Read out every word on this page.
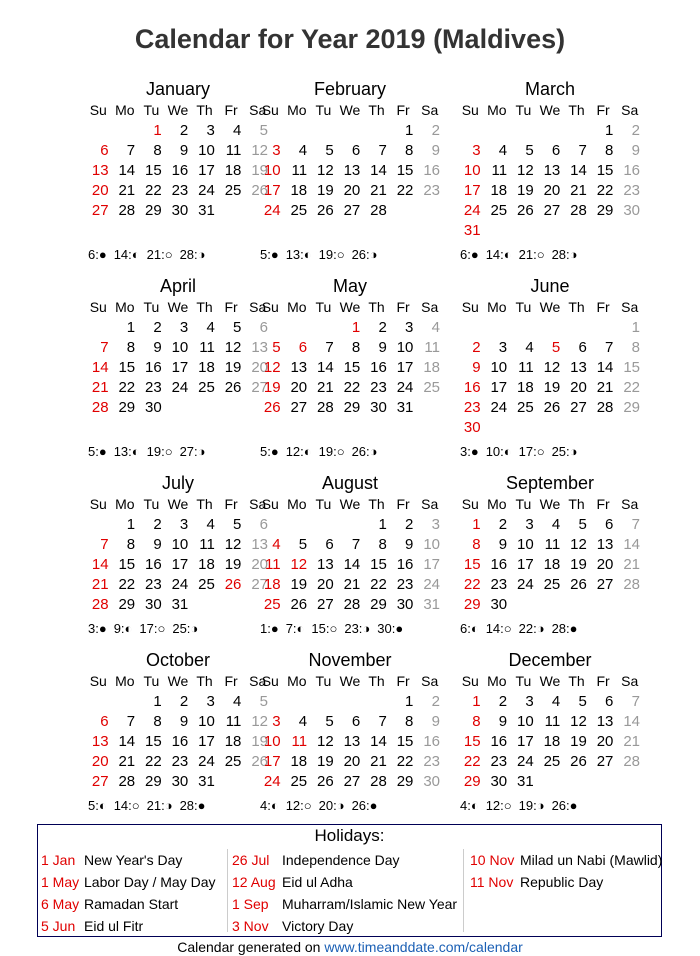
Calendar for Year 2019 (Maldives)
January
Su	Mo	Tu	We	Th	Fr	Sa
		1	2	3	4	5
6	7	8	9	10	11	12
13	14	15	16	17	18	19
20	21	22	23	24	25	26
27	28	29	30	31		
6:● 14:◐ 21:○ 28:◑
February
Su	Mo	Tu	We	Th	Fr	Sa
					1	2
3	4	5	6	7	8	9
10	11	12	13	14	15	16
17	18	19	20	21	22	23
24	25	26	27	28		
5:● 13:◐ 19:○ 26:◑
March
Su	Mo	Tu	We	Th	Fr	Sa
					1	2
3	4	5	6	7	8	9
10	11	12	13	14	15	16
17	18	19	20	21	22	23
24	25	26	27	28	29	30
31						
6:● 14:◐ 21:○ 28:◑
April
Su	Mo	Tu	We	Th	Fr	Sa
	1	2	3	4	5	6
7	8	9	10	11	12	13
14	15	16	17	18	19	20
21	22	23	24	25	26	27
28	29	30				
5:● 13:◐ 19:○ 27:◑
May
Su	Mo	Tu	We	Th	Fr	Sa
			1	2	3	4
5	6	7	8	9	10	11
12	13	14	15	16	17	18
19	20	21	22	23	24	25
26	27	28	29	30	31	
5:● 12:◐ 19:○ 26:◑
June
Su	Mo	Tu	We	Th	Fr	Sa
						1
2	3	4	5	6	7	8
9	10	11	12	13	14	15
16	17	18	19	20	21	22
23	24	25	26	27	28	29
30						
3:● 10:◐ 17:○ 25:◑
July
Su	Mo	Tu	We	Th	Fr	Sa
	1	2	3	4	5	6
7	8	9	10	11	12	13
14	15	16	17	18	19	20
21	22	23	24	25	26	27
28	29	30	31			
3:● 9:◐ 17:○ 25:◑
August
Su	Mo	Tu	We	Th	Fr	Sa
				1	2	3
4	5	6	7	8	9	10
11	12	13	14	15	16	17
18	19	20	21	22	23	24
25	26	27	28	29	30	31
1:● 7:◐ 15:○ 23:◑ 30:●
September
Su	Mo	Tu	We	Th	Fr	Sa
1	2	3	4	5	6	7
8	9	10	11	12	13	14
15	16	17	18	19	20	21
22	23	24	25	26	27	28
29	30					
6:◐ 14:○ 22:◑ 28:●
October
Su	Mo	Tu	We	Th	Fr	Sa
		1	2	3	4	5
6	7	8	9	10	11	12
13	14	15	16	17	18	19
20	21	22	23	24	25	26
27	28	29	30	31		
5:◐ 14:○ 21:◑ 28:●
November
Su	Mo	Tu	We	Th	Fr	Sa
					1	2
3	4	5	6	7	8	9
10	11	12	13	14	15	16
17	18	19	20	21	22	23
24	25	26	27	28	29	30
4:◐ 12:○ 20:◑ 26:●
December
Su	Mo	Tu	We	Th	Fr	Sa
1	2	3	4	5	6	7
8	9	10	11	12	13	14
15	16	17	18	19	20	21
22	23	24	25	26	27	28
29	30	31				
4:◐ 12:○ 19:◑ 26:●
Holidays:
1 Jan New Year's Day
1 May Labor Day / May Day
6 May Ramadan Start
5 Jun Eid ul Fitr
26 Jul Independence Day
12 Aug Eid ul Adha
1 Sep Muharram/Islamic New Year
3 Nov Victory Day
10 Nov Milad un Nabi (Mawlid)
11 Nov Republic Day
Calendar generated on www.timeanddate.com/calendar
